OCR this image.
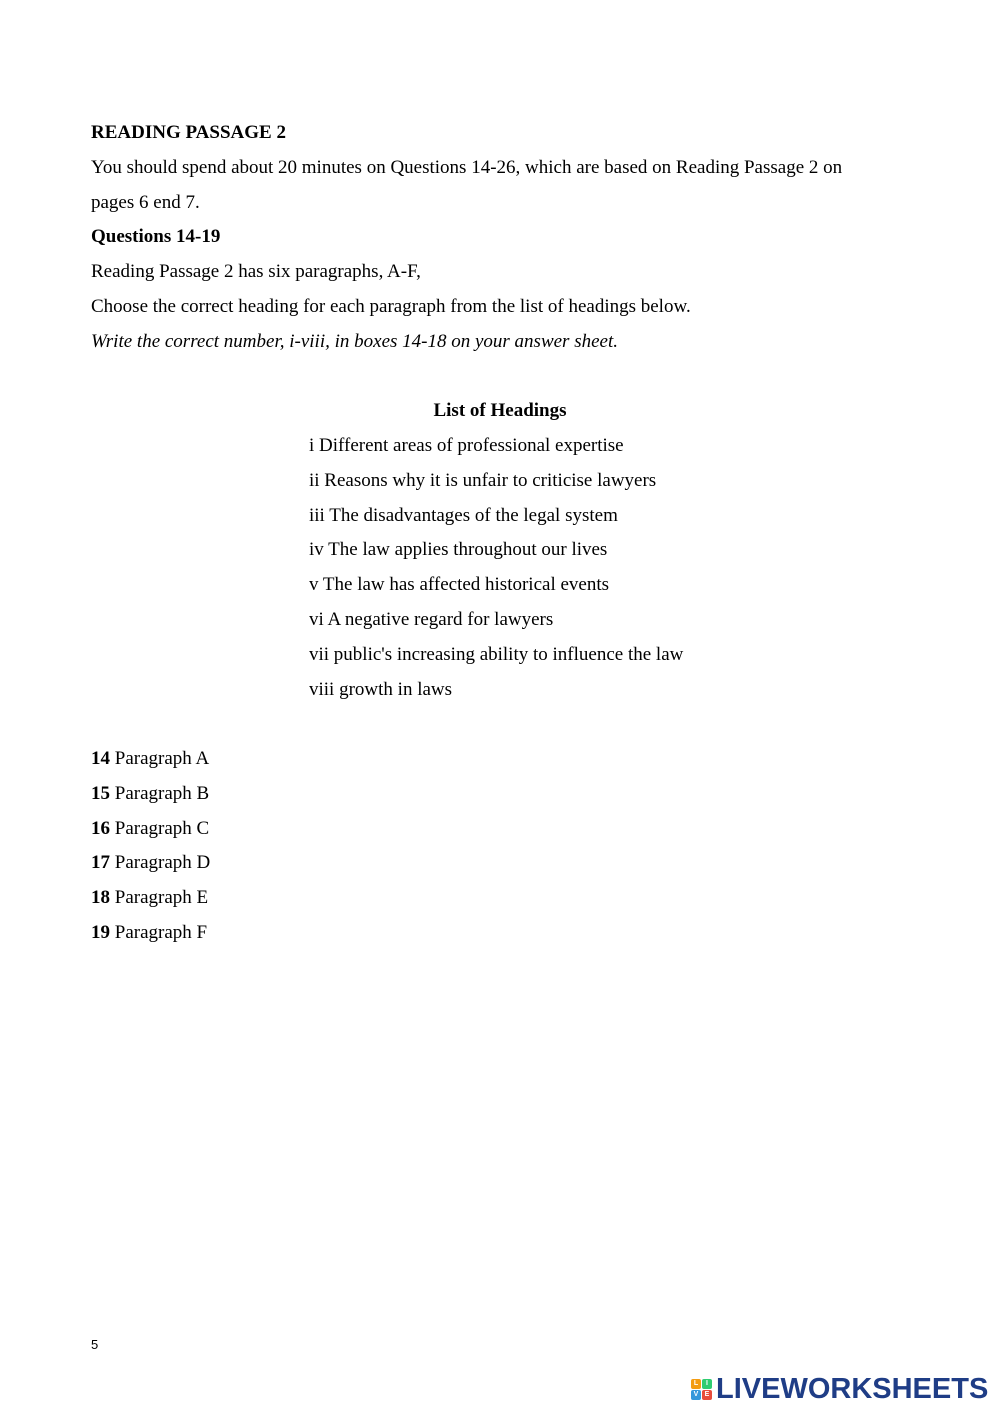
READING PASSAGE 2
You should spend about 20 minutes on Questions 14-26, which are based on Reading Passage 2 on
pages 6 end 7.
Questions 14-19
Reading Passage 2 has six paragraphs, A-F,
Choose the correct heading for each paragraph from the list of headings below.
Write the correct number, i-viii, in boxes 14-18 on your answer sheet.
List of Headings
i Different areas of professional expertise
ii Reasons why it is unfair to criticise lawyers
iii The disadvantages of the legal system
iv The law applies throughout our lives
v The law has affected historical events
vi A negative regard for lawyers
vii public's increasing ability to influence the law
viii growth in laws
14 Paragraph A
15 Paragraph B
16 Paragraph C
17 Paragraph D
18 Paragraph E
19 Paragraph F
5
L	I
V E LIVEWORKSHEETS
